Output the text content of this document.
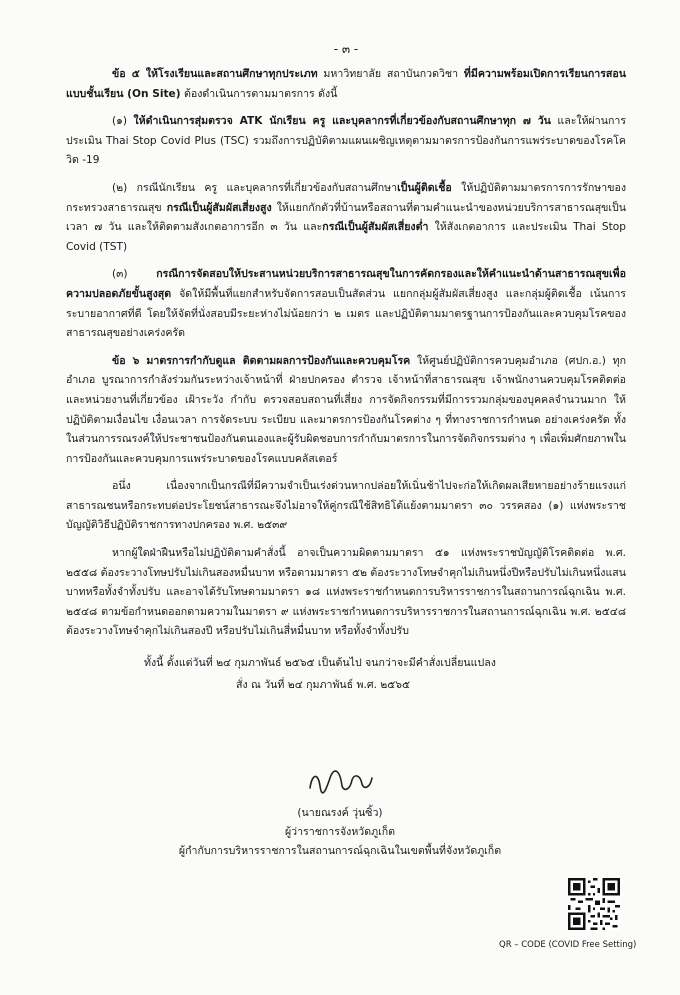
- ๓ -

ข้อ ๕ ให้โรงเรียนและสถานศึกษาทุกประเภท มหาวิทยาลัย สถาบันกวดวิชา ที่มีความพร้อมเปิดการเรียนการสอนแบบชั้นเรียน (On Site) ต้องดำเนินการตามมาตรการ ดังนี้

(๑) ให้ดำเนินการสุ่มตรวจ ATK นักเรียน ครู และบุคลากรที่เกี่ยวข้องกับสถานศึกษาทุก ๗ วัน และให้ผ่านการประเมิน Thai Stop Covid Plus (TSC) รวมถึงการปฏิบัติตามแผนเผชิญเหตุตามมาตรการป้องกันการแพร่ระบาดของโรคโควิด -19

(๒) กรณีนักเรียน ครู และบุคลากรที่เกี่ยวข้องกับสถานศึกษาเป็นผู้ติดเชื้อ ให้ปฏิบัติตามมาตรการการรักษาของกระทรวงสาธารณสุข กรณีเป็นผู้สัมผัสเสี่ยงสูง ให้แยกกักตัวที่บ้านหรือสถานที่ตามคำแนะนำของหน่วยบริการสาธารณสุขเป็นเวลา ๗ วัน และให้ติดตามสังเกตอาการอีก ๓ วัน และกรณีเป็นผู้สัมผัสเสี่ยงต่ำ ให้สังเกตอาการ และประเมิน Thai Stop Covid (TST)

(๓) กรณีการจัดสอบให้ประสานหน่วยบริการสาธารณสุขในการคัดกรองและให้คำแนะนำด้านสาธารณสุขเพื่อความปลอดภัยขั้นสูงสุด จัดให้มีพื้นที่แยกสำหรับจัดการสอบเป็นสัดส่วน แยกกลุ่มผู้สัมผัสเสี่ยงสูง และกลุ่มผู้ติดเชื้อ เน้นการระบายอากาศที่ดี โดยให้จัดที่นั่งสอบมีระยะห่างไม่น้อยกว่า ๒ เมตร และปฏิบัติตามมาตรฐานการป้องกันและควบคุมโรคของสาธารณสุขอย่างเคร่งครัด

ข้อ ๖ มาตรการกำกับดูแล ติดตามผลการป้องกันและควบคุมโรค ให้ศูนย์ปฏิบัติการควบคุมอำเภอ (ศปก.อ.) ทุกอำเภอ บูรณาการกำลังร่วมกันระหว่างเจ้าหน้าที่ ฝ่ายปกครอง ตำรวจ เจ้าหน้าที่สาธารณสุข เจ้าพนักงานควบคุมโรคติดต่อ และหน่วยงานที่เกี่ยวข้อง เฝ้าระวัง กำกับ ตรวจสอบสถานที่เสี่ยง การจัดกิจกรรมที่มีการรวมกลุ่มของบุคคลจำนวนมาก ให้ปฏิบัติตามเงื่อนไข เงื่อนเวลา การจัดระบบ ระเบียบ และมาตรการป้องกันโรคต่าง ๆ ที่ทางราชการกำหนด อย่างเคร่งครัด ทั้งในส่วนการรณรงค์ให้ประชาชนป้องกันตนเองและผู้รับผิดชอบการกำกับมาตรการในการจัดกิจกรรมต่าง ๆ เพื่อเพิ่มศักยภาพในการป้องกันและควบคุมการแพร่ระบาดของโรคแบบคลัสเตอร์

อนึ่ง เนื่องจากเป็นกรณีที่มีความจำเป็นเร่งด่วนหากปล่อยให้เนิ่นช้าไปจะก่อให้เกิดผลเสียหายอย่างร้ายแรงแก่สาธารณชนหรือกระทบต่อประโยชน์สาธารณะจึงไม่อาจให้คู่กรณีใช้สิทธิโต้แย้งตามมาตรา ๓๐ วรรคสอง (๑) แห่งพระราชบัญญัติวิธีปฏิบัติราชการทางปกครอง พ.ศ. ๒๕๓๙

หากผู้ใดฝ่าฝืนหรือไม่ปฏิบัติตามคำสั่งนี้ อาจเป็นความผิดตามมาตรา ๕๑ แห่งพระราชบัญญัติโรคติดต่อ พ.ศ. ๒๕๕๘ ต้องระวางโทษปรับไม่เกินสองหมื่นบาท หรือตามมาตรา ๕๒ ต้องระวางโทษจำคุกไม่เกินหนึ่งปีหรือปรับไม่เกินหนึ่งแสนบาทหรือทั้งจำทั้งปรับ และอาจได้รับโทษตามมาตรา ๑๘ แห่งพระราชกำหนดการบริหารราชการในสถานการณ์ฉุกเฉิน พ.ศ. ๒๕๔๘ ตามข้อกำหนดออกตามความในมาตรา ๙ แห่งพระราชกำหนดการบริหารราชการในสถานการณ์ฉุกเฉิน พ.ศ. ๒๕๔๘ ต้องระวางโทษจำคุกไม่เกินสองปี หรือปรับไม่เกินสี่หมื่นบาท หรือทั้งจำทั้งปรับ

ทั้งนี้ ตั้งแต่วันที่ ๒๔ กุมภาพันธ์ ๒๕๖๕ เป็นต้นไป จนกว่าจะมีคำสั่งเปลี่ยนแปลง
สั่ง ณ วันที่ ๒๔ กุมภาพันธ์ พ.ศ. ๒๕๖๕
(นายณรงค์ วุ่นซิ้ว)
ผู้ว่าราชการจังหวัดภูเก็ต
ผู้กำกับการบริหารราชการในสถานการณ์ฉุกเฉินในเขตพื้นที่จังหวัดภูเก็ต
QR – CODE (COVID Free Setting)
